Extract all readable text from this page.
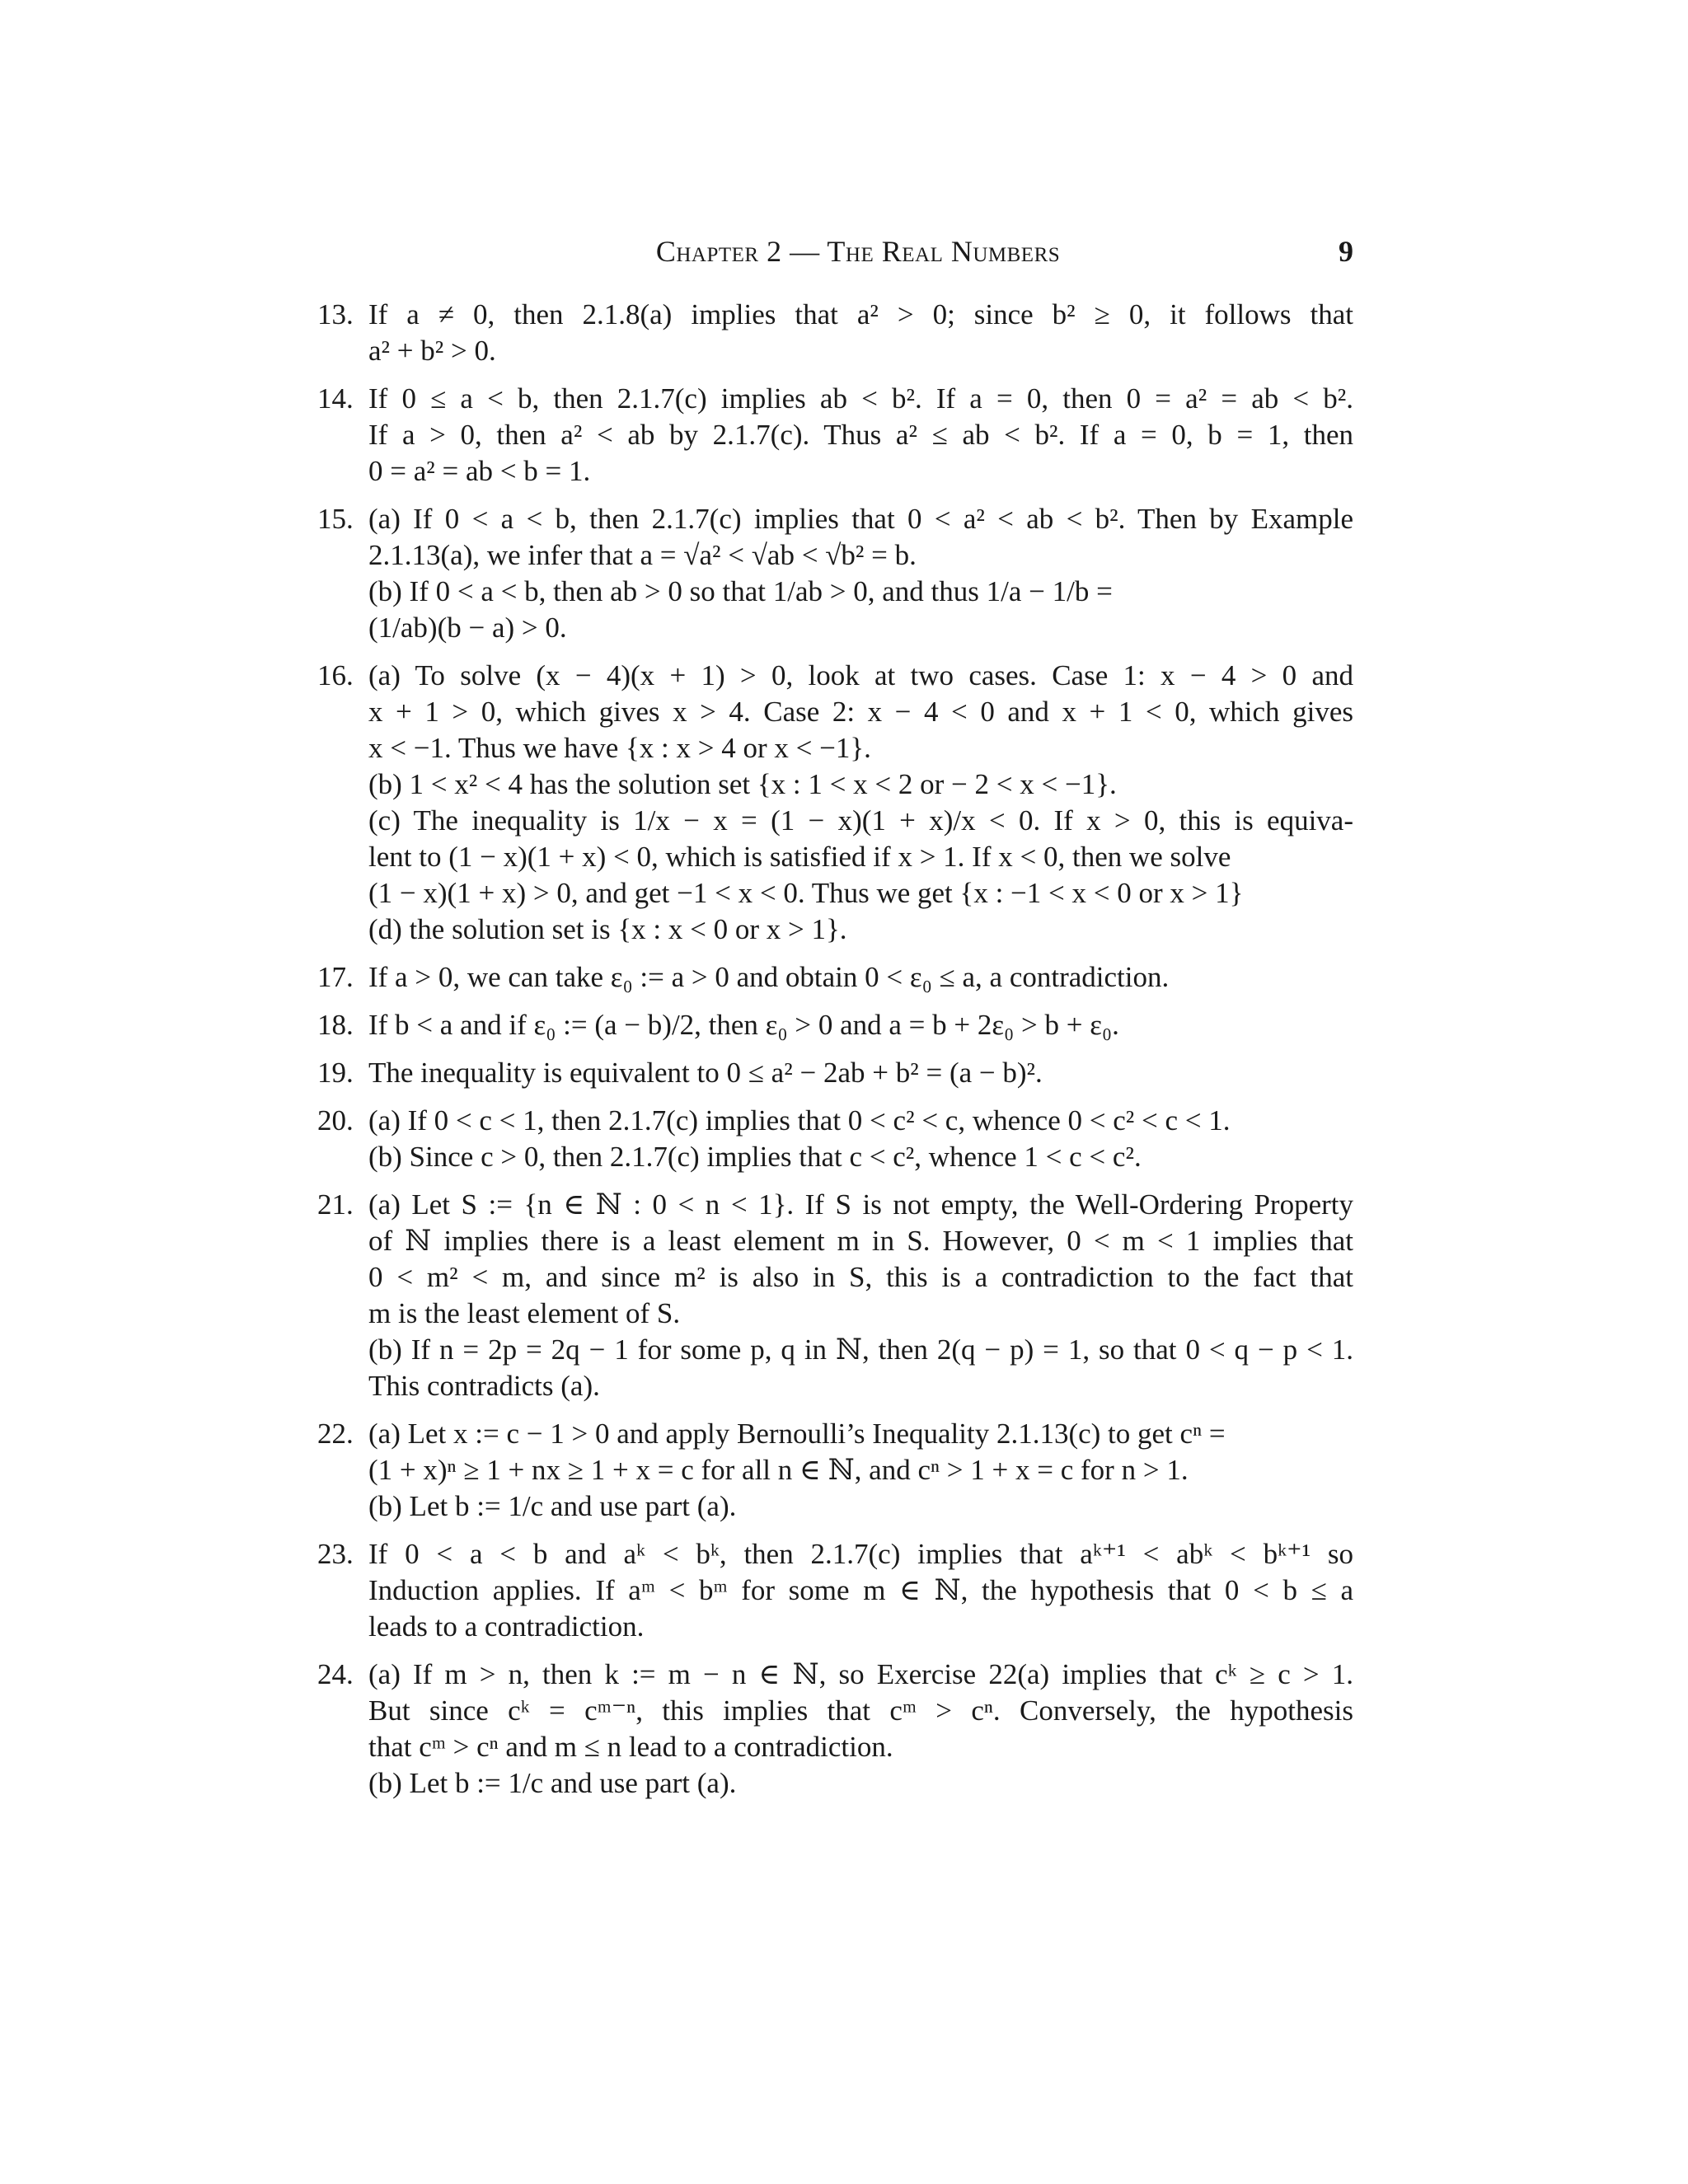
Chapter 2 — The Real Numbers	9
13. If a ≠ 0, then 2.1.8(a) implies that a² > 0; since b² ≥ 0, it follows that
a² + b² > 0.
14. If 0 ≤ a < b, then 2.1.7(c) implies ab < b². If a = 0, then 0 = a² = ab < b².
If a > 0, then a² < ab by 2.1.7(c). Thus a² ≤ ab < b². If a = 0, b = 1, then
0 = a² = ab < b = 1.
15. (a) If 0 < a < b, then 2.1.7(c) implies that 0 < a² < ab < b². Then by Example
2.1.13(a), we infer that a = √a² < √ab < √b² = b.
(b) If 0 < a < b, then ab > 0 so that 1/ab > 0, and thus 1/a − 1/b =
(1/ab)(b − a) > 0.
16. (a) To solve (x − 4)(x + 1) > 0, look at two cases. Case 1: x − 4 > 0 and
x + 1 > 0, which gives x > 4. Case 2: x − 4 < 0 and x + 1 < 0, which gives
x < −1. Thus we have {x : x > 4 or x < −1}.
(b) 1 < x² < 4 has the solution set {x : 1 < x < 2 or − 2 < x < −1}.
(c) The inequality is 1/x − x = (1 − x)(1 + x)/x < 0. If x > 0, this is equiva-
lent to (1 − x)(1 + x) < 0, which is satisfied if x > 1. If x < 0, then we solve
(1 − x)(1 + x) > 0, and get −1 < x < 0. Thus we get {x : −1 < x < 0 or x > 1}
(d) the solution set is {x : x < 0 or x > 1}.
17. If a > 0, we can take ε₀ := a > 0 and obtain 0 < ε₀ ≤ a, a contradiction.
18. If b < a and if ε₀ := (a − b)/2, then ε₀ > 0 and a = b + 2ε₀ > b + ε₀.
19. The inequality is equivalent to 0 ≤ a² − 2ab + b² = (a − b)².
20. (a) If 0 < c < 1, then 2.1.7(c) implies that 0 < c² < c, whence 0 < c² < c < 1.
(b) Since c > 0, then 2.1.7(c) implies that c < c², whence 1 < c < c².
21. (a) Let S := {n ∈ ℕ : 0 < n < 1}. If S is not empty, the Well-Ordering Property
of ℕ implies there is a least element m in S. However, 0 < m < 1 implies that
0 < m² < m, and since m² is also in S, this is a contradiction to the fact that
m is the least element of S.
(b) If n = 2p = 2q − 1 for some p, q in ℕ, then 2(q − p) = 1, so that 0 < q − p < 1.
This contradicts (a).
22. (a) Let x := c − 1 > 0 and apply Bernoulli’s Inequality 2.1.13(c) to get cⁿ =
(1 + x)ⁿ ≥ 1 + nx ≥ 1 + x = c for all n ∈ ℕ, and cⁿ > 1 + x = c for n > 1.
(b) Let b := 1/c and use part (a).
23. If 0 < a < b and aᵏ < bᵏ, then 2.1.7(c) implies that aᵏ⁺¹ < abᵏ < bᵏ⁺¹ so
Induction applies. If aᵐ < bᵐ for some m ∈ ℕ, the hypothesis that 0 < b ≤ a
leads to a contradiction.
24. (a) If m > n, then k := m − n ∈ ℕ, so Exercise 22(a) implies that cᵏ ≥ c > 1.
But since cᵏ = cᵐ⁻ⁿ, this implies that cᵐ > cⁿ. Conversely, the hypothesis
that cᵐ > cⁿ and m ≤ n lead to a contradiction.
(b) Let b := 1/c and use part (a).
